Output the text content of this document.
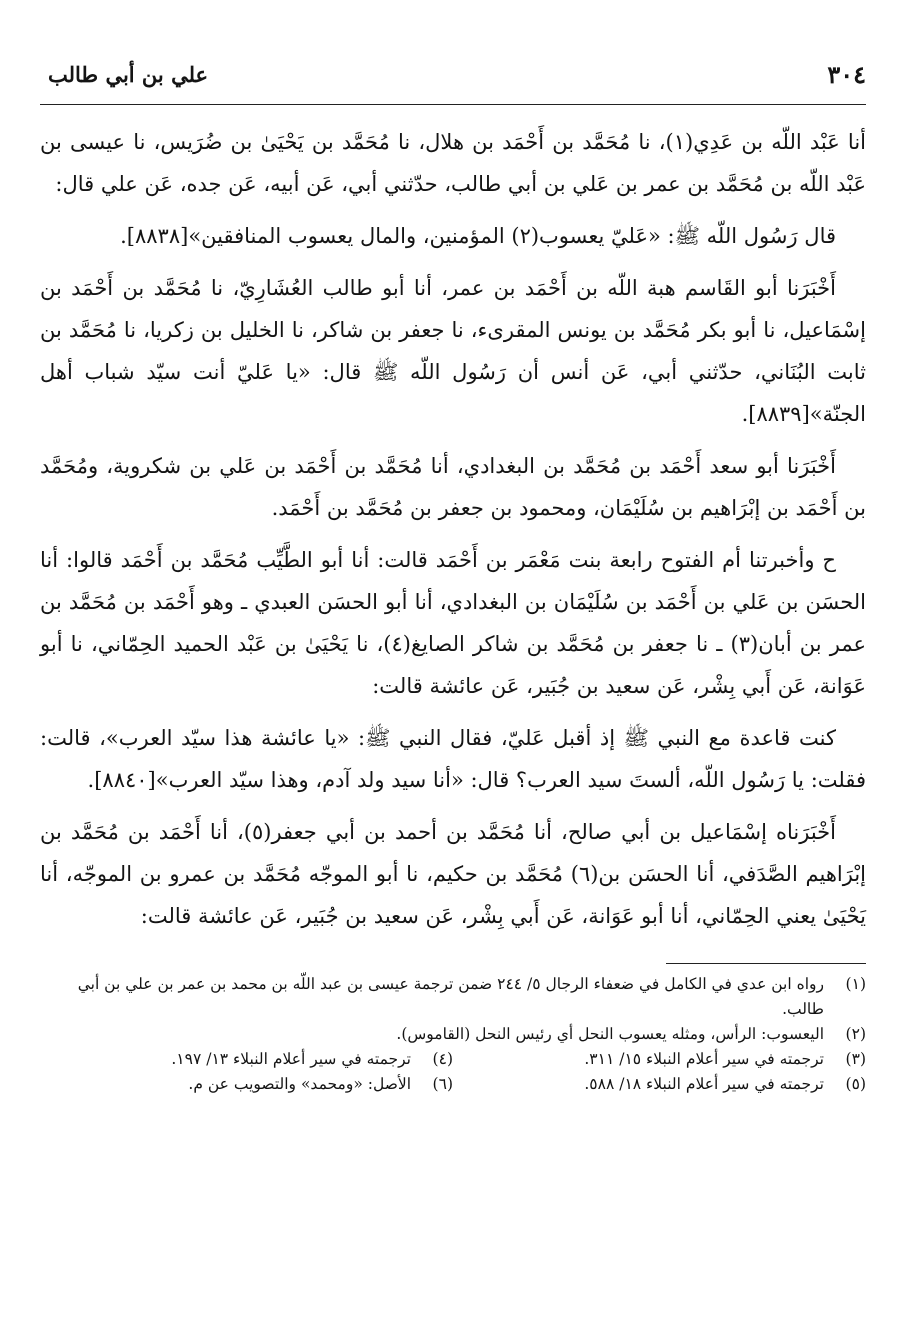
٣٠٤
علي بن أبي طالب

أنا عَبْد اللّه بن عَدِي(١)، نا مُحَمَّد بن أَحْمَد بن هلال، نا مُحَمَّد بن يَحْيَىٰ بن ضُرَيس، نا عيسى بن عَبْد اللّه بن مُحَمَّد بن عمر بن عَلي بن أبي طالب، حدّثني أبي، عَن أبيه، عَن جده، عَن علي قال:

قال رَسُول اللّه ﷺ: «عَليّ يعسوب(٢) المؤمنين، والمال يعسوب المنافقين»[٨٨٣٨].

أَخْبَرَنا أبو القَاسم هبة اللّه بن أَحْمَد بن عمر، أنا أبو طالب العُشَارِيّ، نا مُحَمَّد بن أَحْمَد بن إسْمَاعيل، نا أبو بكر مُحَمَّد بن يونس المقرىء، نا جعفر بن شاكر، نا الخليل بن زكريا، نا مُحَمَّد بن ثابت البُنَاني، حدّثني أبي، عَن أنس أن رَسُول اللّه ﷺ قال: «يا عَليّ أنت سيّد شباب أهل الجنّة»[٨٨٣٩].

أَخْبَرَنا أبو سعد أَحْمَد بن مُحَمَّد بن البغدادي، أنا مُحَمَّد بن أَحْمَد بن عَلي بن شكروية، ومُحَمَّد بن أَحْمَد بن إبْرَاهيم بن سُلَيْمَان، ومحمود بن جعفر بن مُحَمَّد بن أَحْمَد.

ح وأخبرتنا أم الفتوح رابعة بنت مَعْمَر بن أَحْمَد قالت: أنا أبو الطَّيِّب مُحَمَّد بن أَحْمَد قالوا: أنا الحسَن بن عَلي بن أَحْمَد بن سُلَيْمَان بن البغدادي، أنا أبو الحسَن العبدي ـ وهو أَحْمَد بن مُحَمَّد بن عمر بن أبان(٣) ـ نا جعفر بن مُحَمَّد بن شاكر الصايغ(٤)، نا يَحْيَىٰ بن عَبْد الحميد الحِمّاني، نا أبو عَوَانة، عَن أَبي بِشْر، عَن سعيد بن جُبَير، عَن عائشة قالت:

كنت قاعدة مع النبي ﷺ إذ أقبل عَليّ، فقال النبي ﷺ: «يا عائشة هذا سيّد العرب»، قالت: فقلت: يا رَسُول اللّه، ألستَ سيد العرب؟ قال: «أنا سيد ولد آدم، وهذا سيّد العرب»[٨٨٤٠].

أَخْبَرَناه إسْمَاعيل بن أبي صالح، أنا مُحَمَّد بن أحمد بن أبي جعفر(٥)، أنا أَحْمَد بن مُحَمَّد بن إبْرَاهيم الصَّدَفي، أنا الحسَن بن(٦) مُحَمَّد بن حكيم، نا أبو الموجّه مُحَمَّد بن عمرو بن الموجّه، أنا يَحْيَىٰ يعني الحِمّاني، أنا أبو عَوَانة، عَن أَبي بِشْر، عَن سعيد بن جُبَير، عَن عائشة قالت:

(١)
رواه ابن عدي في الكامل في ضعفاء الرجال ٥/ ٢٤٤ ضمن ترجمة عيسى بن عبد اللّه بن محمد بن عمر بن علي بن أبي طالب.
(٢)
اليعسوب: الرأس، ومثله يعسوب النحل أي رئيس النحل (القاموس).
(٣)
ترجمته في سير أعلام النبلاء ١٥/ ٣١١.
(٤)
ترجمته في سير أعلام النبلاء ١٣/ ١٩٧.
(٥)
ترجمته في سير أعلام النبلاء ١٨/ ٥٨٨.
(٦)
الأصل: «ومحمد» والتصويب عن م.
